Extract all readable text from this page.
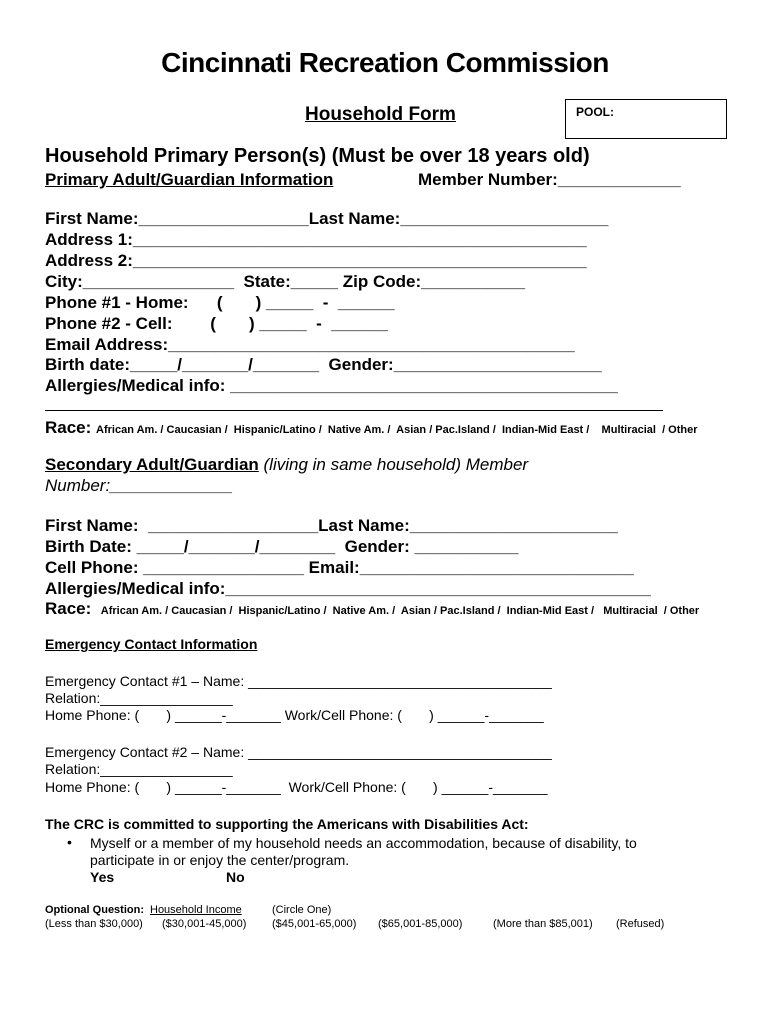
Cincinnati Recreation Commission
Household Form	POOL:
Household Primary Person(s) (Must be over 18 years old)
Primary Adult/Guardian Information	Member Number:_____________
First Name:__________________Last Name:______________________
Address 1:________________________________________________
Address 2:________________________________________________
City:________________  State:_____ Zip Code:___________
Phone #1 - Home:      (       ) _____  -  ______
Phone #2 - Cell:        (       ) _____  -  ______
Email Address:___________________________________________
Birth date:_____/_______/_______  Gender:______________________
Allergies/Medical info: _________________________________________
Race: African Am. / Caucasian /  Hispanic/Latino /  Native Am. /  Asian / Pac.Island /  Indian-Mid East /    Multiracial  / Other
Secondary Adult/Guardian (living in same household) Member
Number:_____________
First Name:  __________________Last Name:______________________
Birth Date: _____/_______/________  Gender: ___________
Cell Phone: _________________ Email:_____________________________
Allergies/Medical info:_____________________________________________
Race: African Am. / Caucasian /  Hispanic/Latino /  Native Am. /  Asian / Pac.Island /  Indian-Mid East /   Multiracial  / Other
Emergency Contact Information
Emergency Contact #1 – Name: _______________________________________
Relation:_________________
Home Phone: (       ) ______-_______ Work/Cell Phone: (       ) ______-_______
Emergency Contact #2 – Name: _______________________________________
Relation:_________________
Home Phone: (       ) ______-_______  Work/Cell Phone: (       ) ______-_______
The CRC is committed to supporting the Americans with Disabilities Act:
• Myself or a member of my household needs an accommodation, because of disability, to
participate in or enjoy the center/program.
Yes	No
Optional Question: Household Income	(Circle One)
(Less than $30,000) ($30,001-45,000) ($45,001-65,000) ($65,001-85,000)	(More than $85,001) (Refused)
